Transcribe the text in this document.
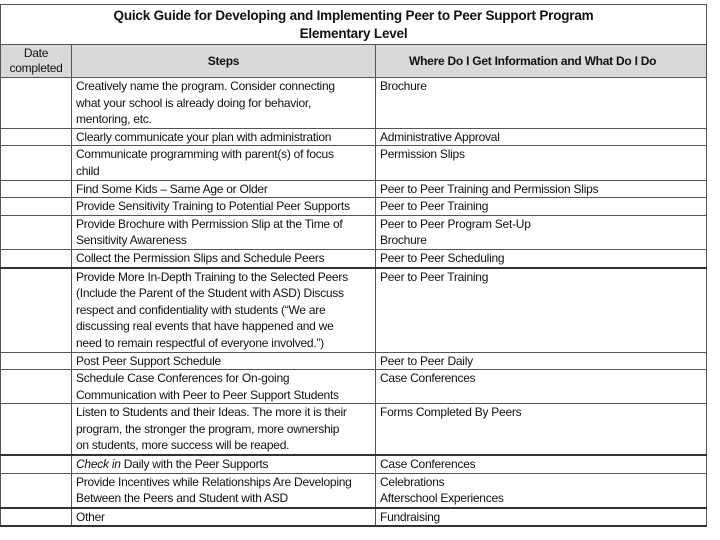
Quick Guide for Developing and Implementing Peer to Peer Support Program
Elementary Level		

Date completed	Steps	Where Do I Get Information and What Do I Do

	Creatively name the program. Consider connecting
what your school is already doing for behavior,
mentoring, etc.	Brochure

	Clearly communicate your plan with administration	Administrative Approval

	Communicate programming with parent(s) of focus
child	Permission Slips

	Find Some Kids – Same Age or Older	Peer to Peer Training and Permission Slips

	Provide Sensitivity Training to Potential Peer Supports	Peer to Peer Training

	Provide Brochure with Permission Slip at the Time of
Sensitivity Awareness	Peer to Peer Program Set-Up
Brochure

	Collect the Permission Slips and Schedule Peers	Peer to Peer Scheduling

	Provide More In-Depth Training to the Selected Peers
(Include the Parent of the Student with ASD) Discuss
respect and confidentiality with students (“We are
discussing real events that have happened and we
need to remain respectful of everyone involved.”)	Peer to Peer Training

	Post Peer Support Schedule	Peer to Peer Daily

	Schedule Case Conferences for On-going
Communication with Peer to Peer Support Students	Case Conferences

	Listen to Students and their Ideas. The more it is their
program, the stronger the program, more ownership
on students, more success will be reaped.	Forms Completed By Peers

	Check in Daily with the Peer Supports	Case Conferences

	Provide Incentives while Relationships Are Developing
Between the Peers and Student with ASD	Celebrations
Afterschool Experiences

	Other	Fundraising
